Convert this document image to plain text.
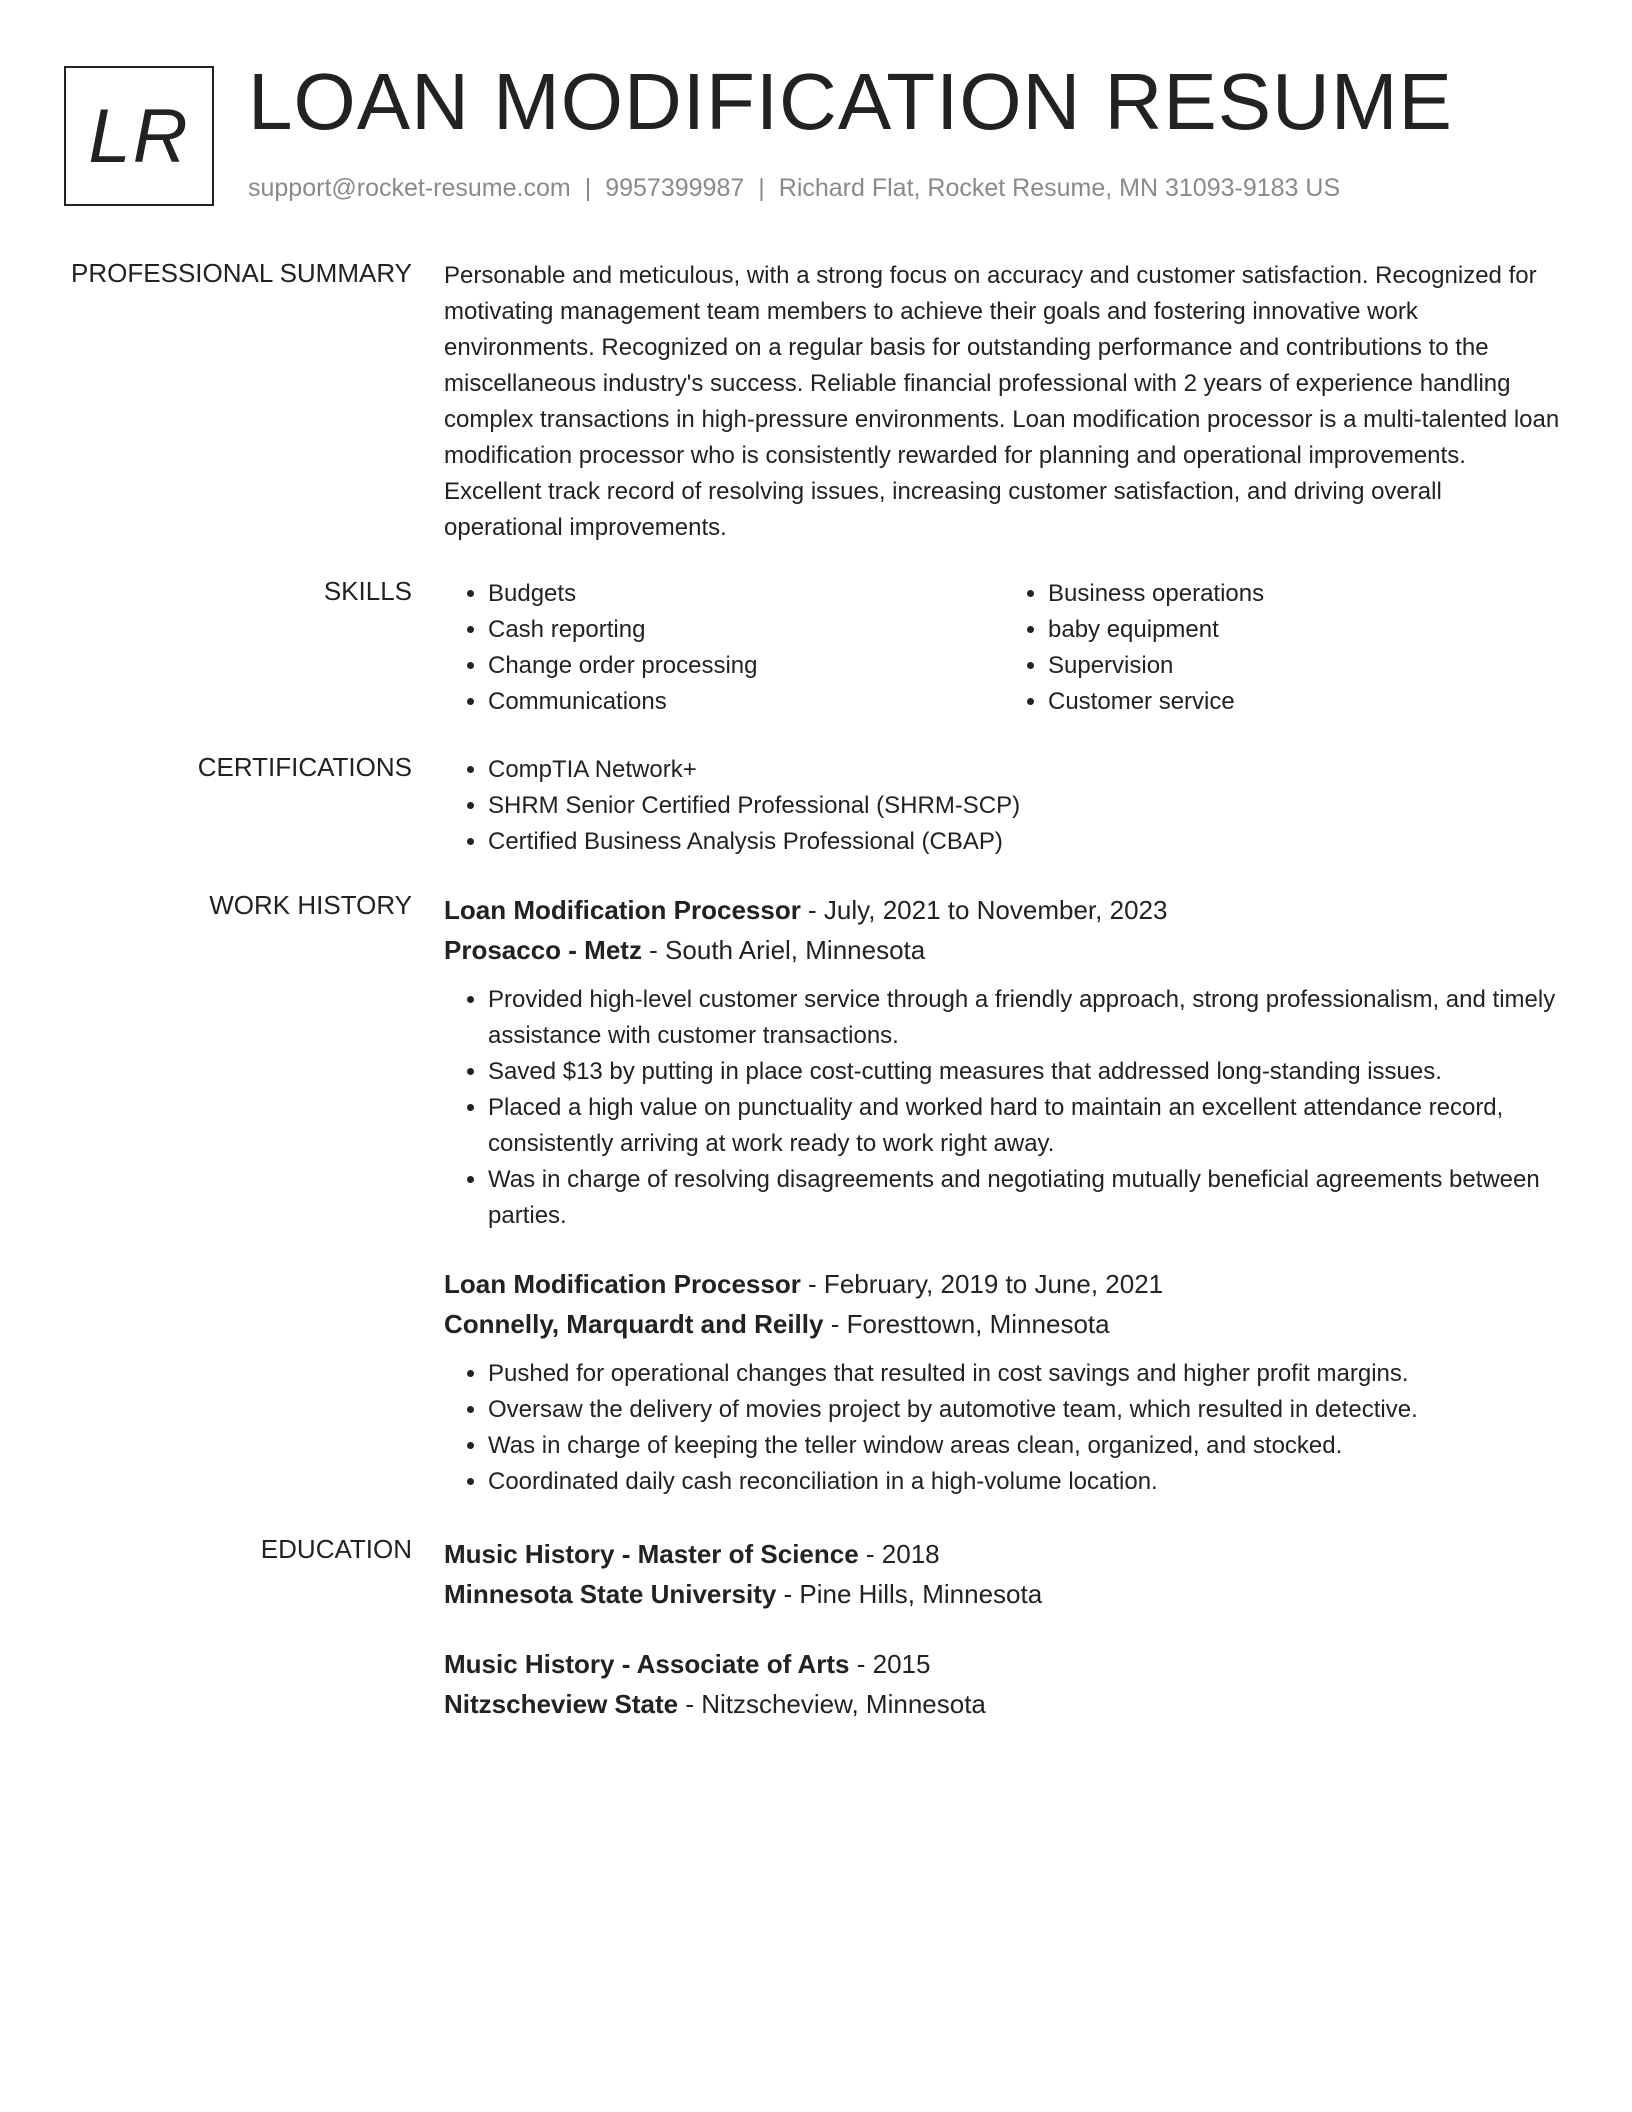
LR LOAN MODIFICATION RESUME
support@rocket-resume.com | 9957399987 | Richard Flat, Rocket Resume, MN 31093-9183 US
PROFESSIONAL SUMMARY Personable and meticulous, with a strong focus on accuracy and customer satisfaction. Recognized for motivating management team members to achieve their goals and fostering innovative work environments. Recognized on a regular basis for outstanding performance and contributions to the miscellaneous industry's success. Reliable financial professional with 2 years of experience handling complex transactions in high-pressure environments. Loan modification processor is a multi-talented loan modification processor who is consistently rewarded for planning and operational improvements. Excellent track record of resolving issues, increasing customer satisfaction, and driving overall operational improvements.
SKILLS	• Budgets
• Cash reporting
• Change order processing
• Communications
• Business operations
• baby equipment
• Supervision
• Customer service
CERTIFICATIONS	• CompTIA Network+
• SHRM Senior Certified Professional (SHRM-SCP)
• Certified Business Analysis Professional (CBAP)
WORK HISTORY Loan Modification Processor - July, 2021 to November, 2023
Prosacco - Metz - South Ariel, Minnesota
• Provided high-level customer service through a friendly approach, strong professionalism, and timely assistance with customer transactions.
• Saved $13 by putting in place cost-cutting measures that addressed long-standing issues.
• Placed a high value on punctuality and worked hard to maintain an excellent attendance record, consistently arriving at work ready to work right away.
• Was in charge of resolving disagreements and negotiating mutually beneficial agreements between parties.
Loan Modification Processor - February, 2019 to June, 2021
Connelly, Marquardt and Reilly - Foresttown, Minnesota
• Pushed for operational changes that resulted in cost savings and higher profit margins.
• Oversaw the delivery of movies project by automotive team, which resulted in detective.
• Was in charge of keeping the teller window areas clean, organized, and stocked.
• Coordinated daily cash reconciliation in a high-volume location.
EDUCATION Music History - Master of Science - 2018
Minnesota State University - Pine Hills, Minnesota
Music History - Associate of Arts - 2015
Nitzscheview State - Nitzscheview, Minnesota
